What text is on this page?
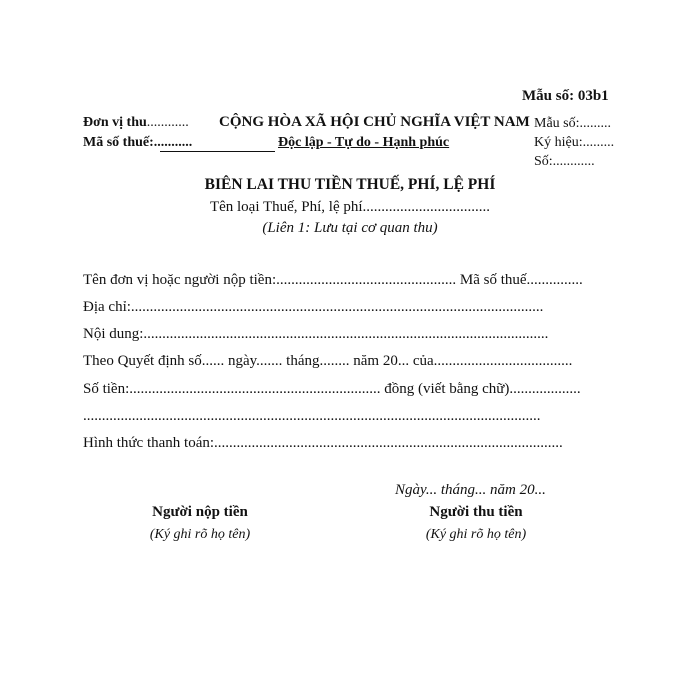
Mẫu số: 03b1
Đơn vị thu............
Mã số thuế:...........
CỘNG HÒA XÃ HỘI CHỦ NGHĨA VIỆT NAM
Độc lập - Tự do - Hạnh phúc
Mẫu số:.........
Ký hiệu:.........
Số:............
BIÊN LAI THU TIỀN THUẾ, PHÍ, LỆ PHÍ
Tên loại Thuế, Phí, lệ phí..................................
(Liên 1: Lưu tại cơ quan thu)
Tên đơn vị hoặc người nộp tiền:................................................ Mã số thuế...............
Địa chỉ:..............................................................................................................
Nội dung:............................................................................................................
Theo Quyết định số...... ngày....... tháng........ năm 20... của.....................................
Số tiền:................................................................... đồng (viết bằng chữ)...................
..........................................................................................................................
Hình thức thanh toán:.............................................................................................
Ngày... tháng... năm 20...
Người nộp tiền
(Ký ghi rõ họ tên)
Người thu tiền
(Ký ghi rõ họ tên)
